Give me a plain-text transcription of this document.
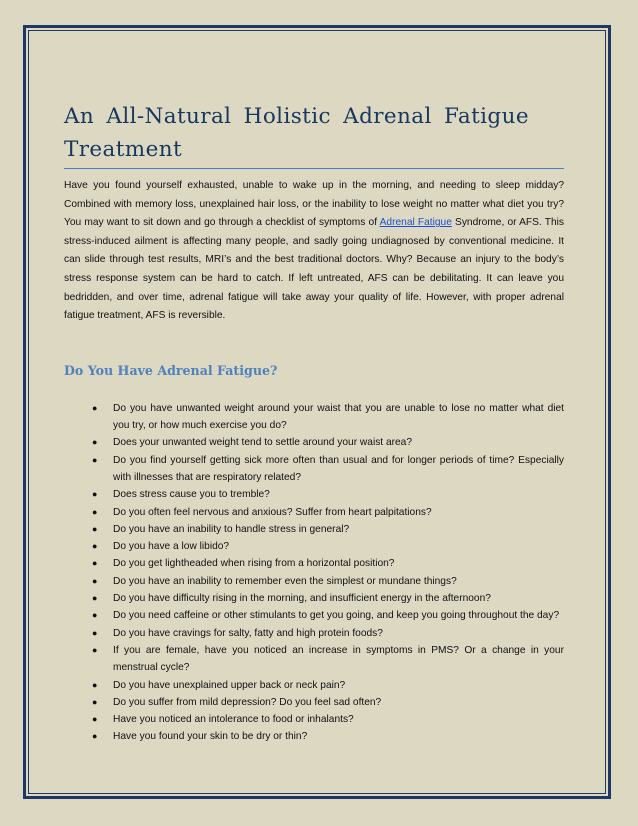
An All-Natural Holistic Adrenal Fatigue Treatment

Have you found yourself exhausted, unable to wake up in the morning, and needing to sleep midday? Combined with memory loss, unexplained hair loss, or the inability to lose weight no matter what diet you try? You may want to sit down and go through a checklist of symptoms of Adrenal Fatigue Syndrome, or AFS. This stress-induced ailment is affecting many people, and sadly going undiagnosed by conventional medicine. It can slide through test results, MRI’s and the best traditional doctors. Why? Because an injury to the body’s stress response system can be hard to catch. If left untreated, AFS can be debilitating. It can leave you bedridden, and over time, adrenal fatigue will take away your quality of life. However, with proper adrenal fatigue treatment, AFS is reversible.

Do You Have Adrenal Fatigue?
● Do you have unwanted weight around your waist that you are unable to lose no matter what diet you try, or how much exercise you do?
● Does your unwanted weight tend to settle around your waist area?
● Do you find yourself getting sick more often than usual and for longer periods of time? Especially with illnesses that are respiratory related?
● Does stress cause you to tremble?
● Do you often feel nervous and anxious? Suffer from heart palpitations?
● Do you have an inability to handle stress in general?
● Do you have a low libido?
● Do you get lightheaded when rising from a horizontal position?
● Do you have an inability to remember even the simplest or mundane things?
● Do you have difficulty rising in the morning, and insufficient energy in the afternoon?
● Do you need caffeine or other stimulants to get you going, and keep you going throughout the day?
● Do you have cravings for salty, fatty and high protein foods?
● If you are female, have you noticed an increase in symptoms in PMS? Or a change in your menstrual cycle?
● Do you have unexplained upper back or neck pain?
● Do you suffer from mild depression? Do you feel sad often?
● Have you noticed an intolerance to food or inhalants?
● Have you found your skin to be dry or thin?
